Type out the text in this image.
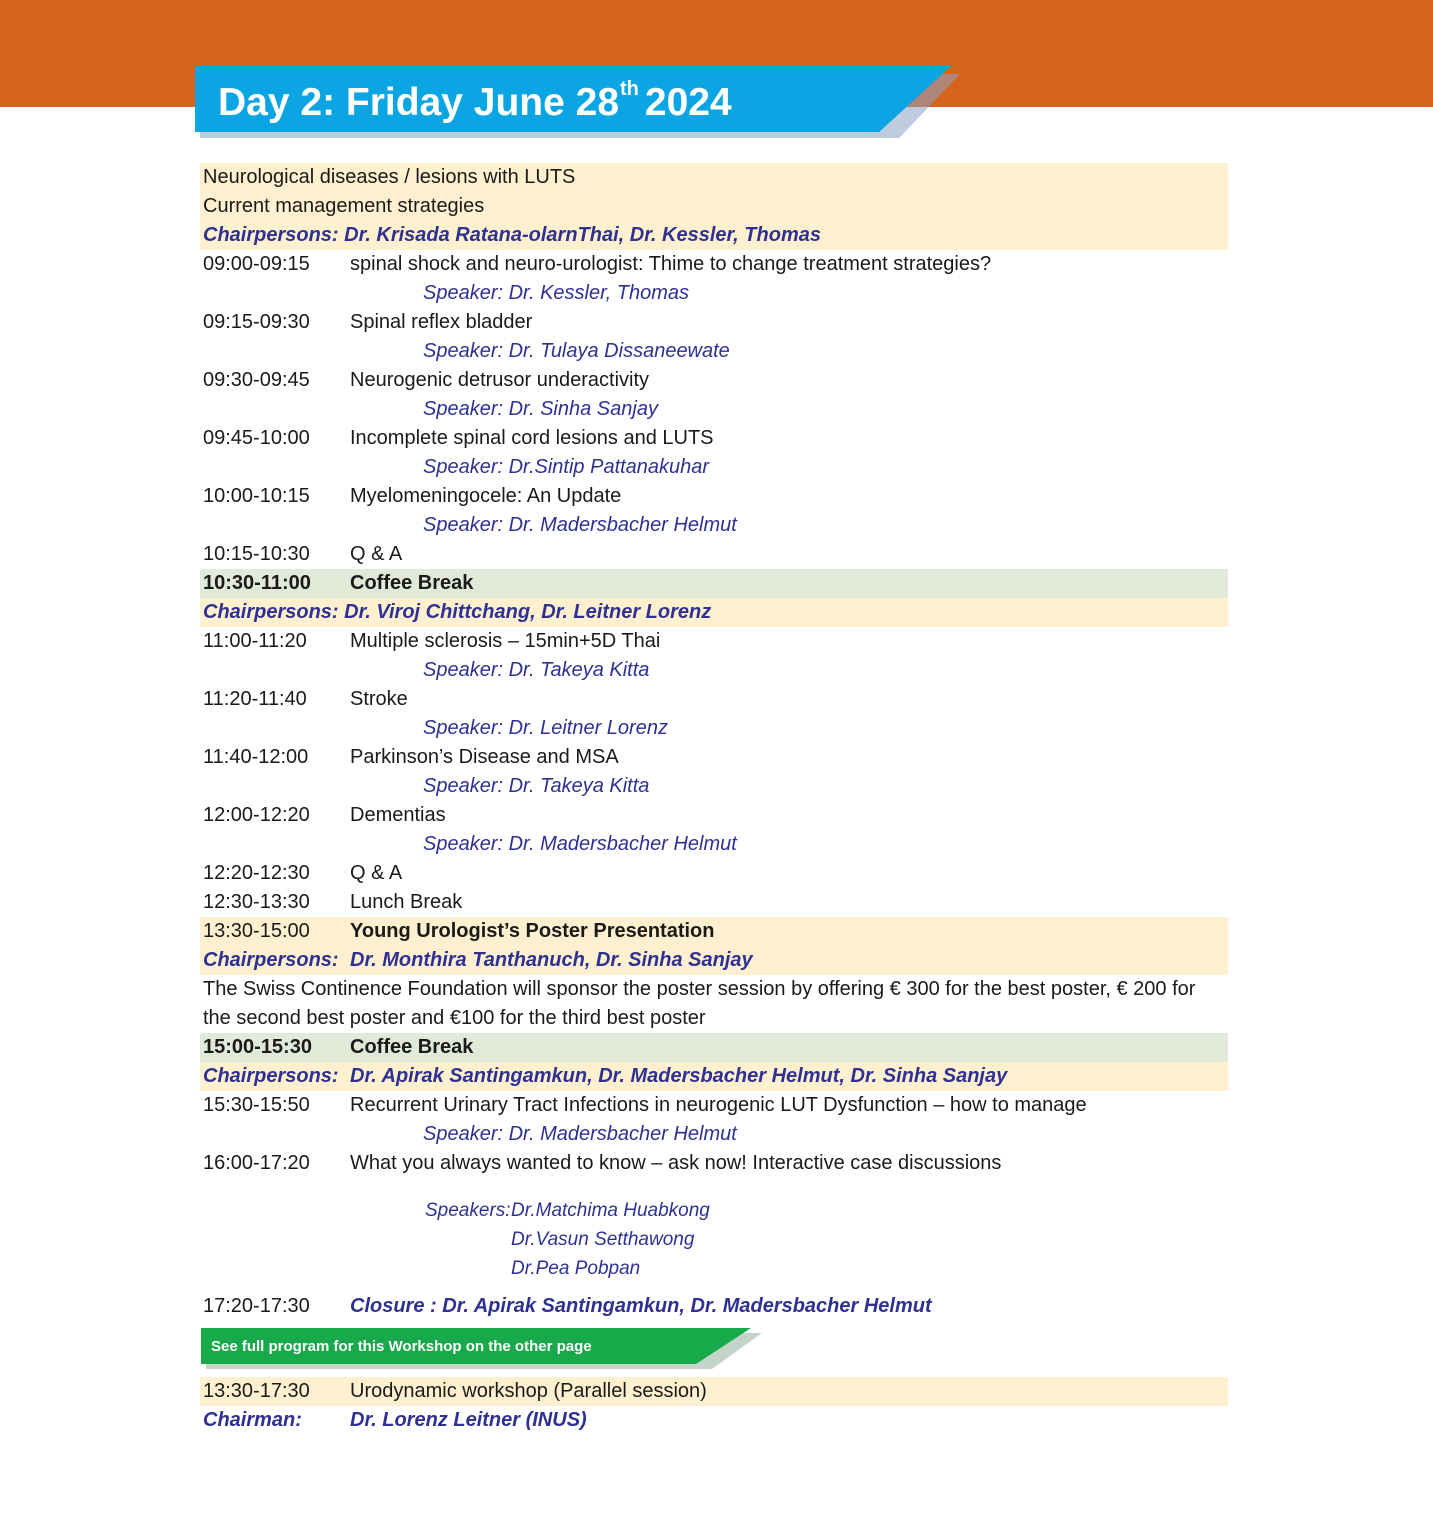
Day 2: Friday June 28th 2024
Neurological diseases / lesions with LUTS
Current management strategies
Chairpersons: Dr. Krisada Ratana-olarnThai, Dr. Kessler, Thomas
09:00-09:15 spinal shock and neuro-urologist: Thime to change treatment strategies?
Speaker: Dr. Kessler, Thomas
09:15-09:30 Spinal reflex bladder
Speaker: Dr. Tulaya Dissaneewate
09:30-09:45 Neurogenic detrusor underactivity
Speaker: Dr. Sinha Sanjay
09:45-10:00 Incomplete spinal cord lesions and LUTS
Speaker: Dr.Sintip Pattanakuhar
10:00-10:15 Myelomeningocele: An Update
Speaker: Dr. Madersbacher Helmut
10:15-10:30 Q & A
10:30-11:00 Coffee Break
Chairpersons: Dr. Viroj Chittchang, Dr. Leitner Lorenz
11:00-11:20 Multiple sclerosis – 15min+5D Thai
Speaker: Dr. Takeya Kitta
11:20-11:40 Stroke
Speaker: Dr. Leitner Lorenz
11:40-12:00 Parkinson’s Disease and MSA
Speaker: Dr. Takeya Kitta
12:00-12:20 Dementias
Speaker: Dr. Madersbacher Helmut
12:20-12:30 Q & A
12:30-13:30 Lunch Break
13:30-15:00 Young Urologist’s Poster Presentation
Chairpersons: Dr. Monthira Tanthanuch, Dr. Sinha Sanjay
The Swiss Continence Foundation will sponsor the poster session by offering € 300 for the best poster, € 200 for the second best poster and €100 for the third best poster
15:00-15:30 Coffee Break
Chairpersons: Dr. Apirak Santingamkun, Dr. Madersbacher Helmut, Dr. Sinha Sanjay
15:30-15:50 Recurrent Urinary Tract Infections in neurogenic LUT Dysfunction – how to manage
Speaker: Dr. Madersbacher Helmut
16:00-17:20 What you always wanted to know – ask now! Interactive case discussions
Speakers: Dr.Matchima Huabkong
Dr.Vasun Setthawong
Dr.Pea Pobpan
17:20-17:30 Closure : Dr. Apirak Santingamkun, Dr. Madersbacher Helmut
See full program for this Workshop on the other page
13:30-17:30 Urodynamic workshop (Parallel session)
Chairman: Dr. Lorenz Leitner (INUS)
